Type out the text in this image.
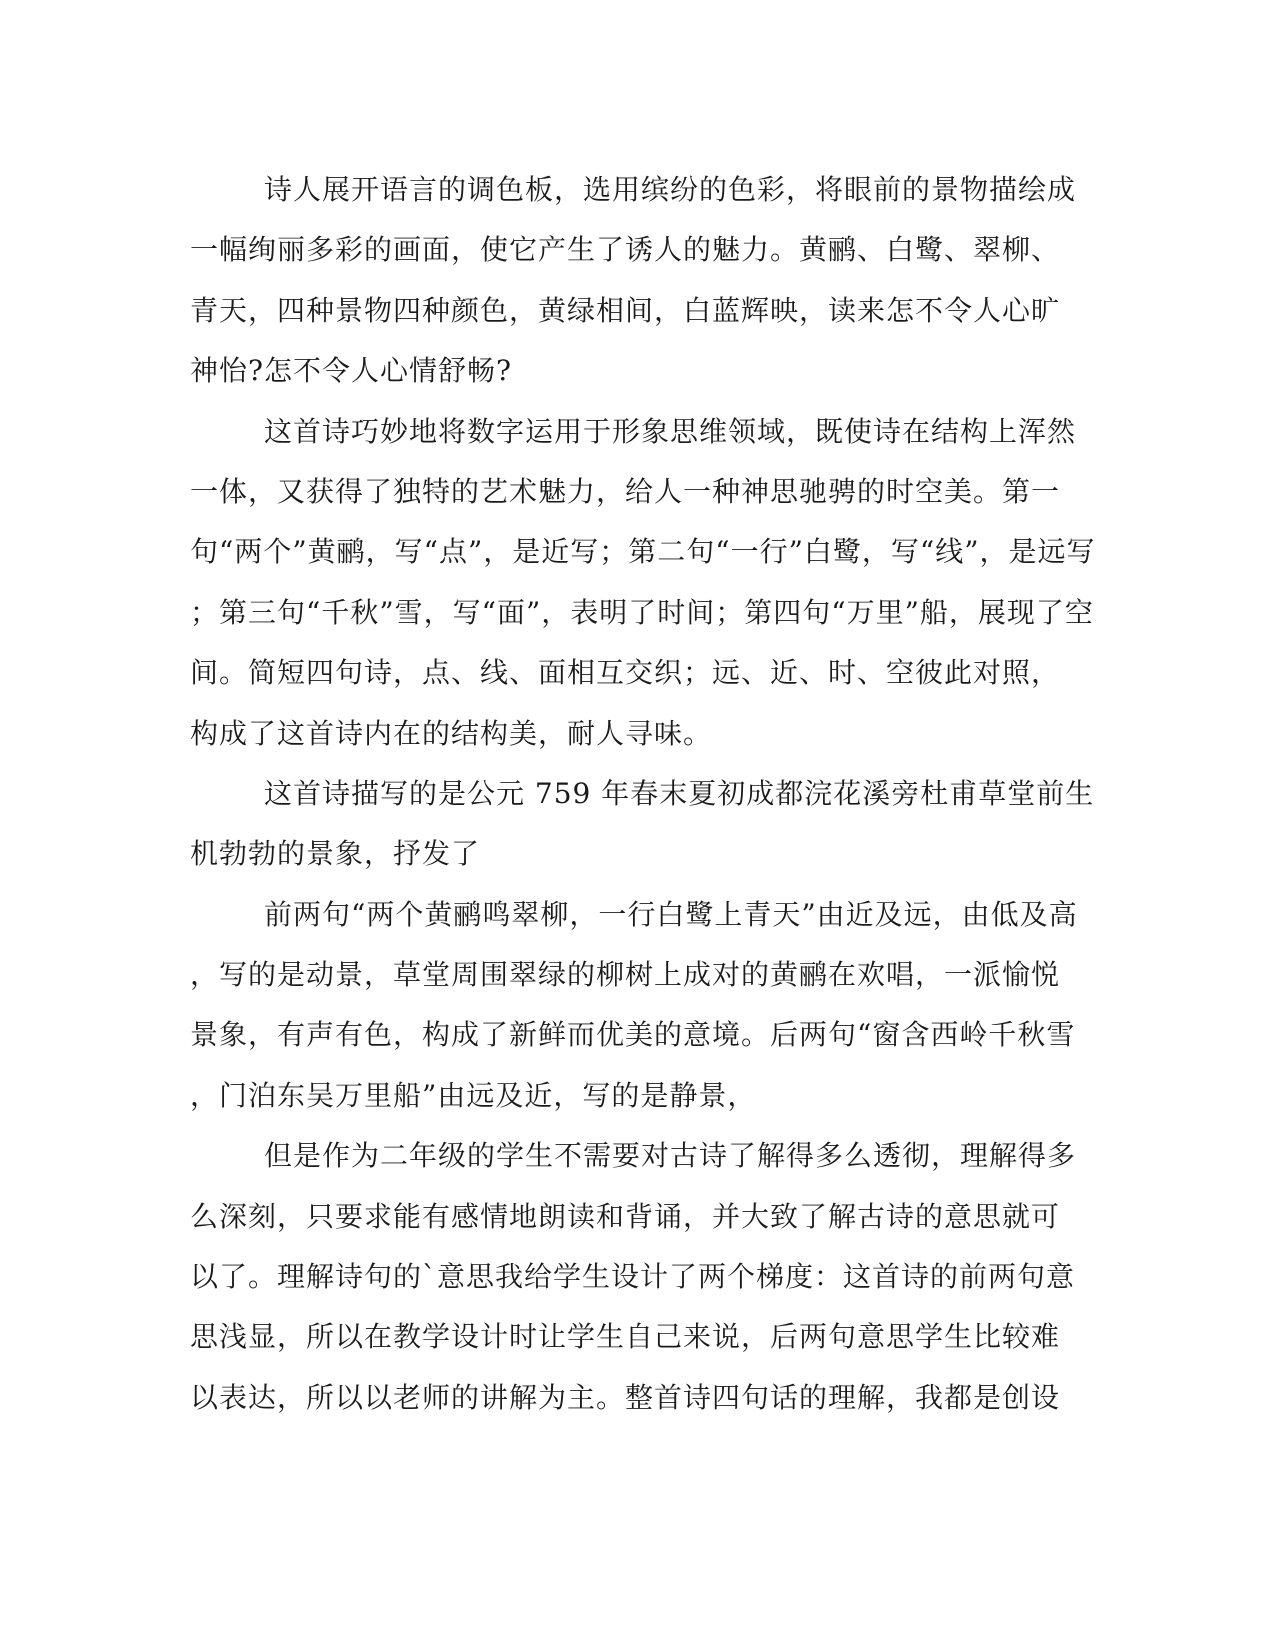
诗人展开语言的调色板，选用缤纷的色彩，将眼前的景物描绘成
一幅绚丽多彩的画面，使它产生了诱人的魅力。黄鹂、白鹭、翠柳、
青天，四种景物四种颜色，黄绿相间，白蓝辉映，读来怎不令人心旷
神怡?怎不令人心情舒畅?

这首诗巧妙地将数字运用于形象思维领域，既使诗在结构上浑然
一体，又获得了独特的艺术魅力，给人一种神思驰骋的时空美。第一
句“两个”黄鹂，写“点”，是近写；第二句“一行”白鹭，写“线”，是远写
；第三句“千秋”雪，写“面”，表明了时间；第四句“万里”船，展现了空
间。简短四句诗，点、线、面相互交织；远、近、时、空彼此对照，
构成了这首诗内在的结构美，耐人寻味。

这首诗描写的是公元 759 年春末夏初成都浣花溪旁杜甫草堂前生
机勃勃的景象，抒发了

前两句“两个黄鹂鸣翠柳，一行白鹭上青天”由近及远，由低及高
，写的是动景，草堂周围翠绿的柳树上成对的黄鹂在欢唱，一派愉悦
景象，有声有色，构成了新鲜而优美的意境。后两句“窗含西岭千秋雪
，门泊东吴万里船”由远及近，写的是静景，

但是作为二年级的学生不需要对古诗了解得多么透彻，理解得多
么深刻，只要求能有感情地朗读和背诵，并大致了解古诗的意思就可
以了。理解诗句的`意思我给学生设计了两个梯度：这首诗的前两句意
思浅显，所以在教学设计时让学生自己来说，后两句意思学生比较难
以表达，所以以老师的讲解为主。整首诗四句话的理解，我都是创设
